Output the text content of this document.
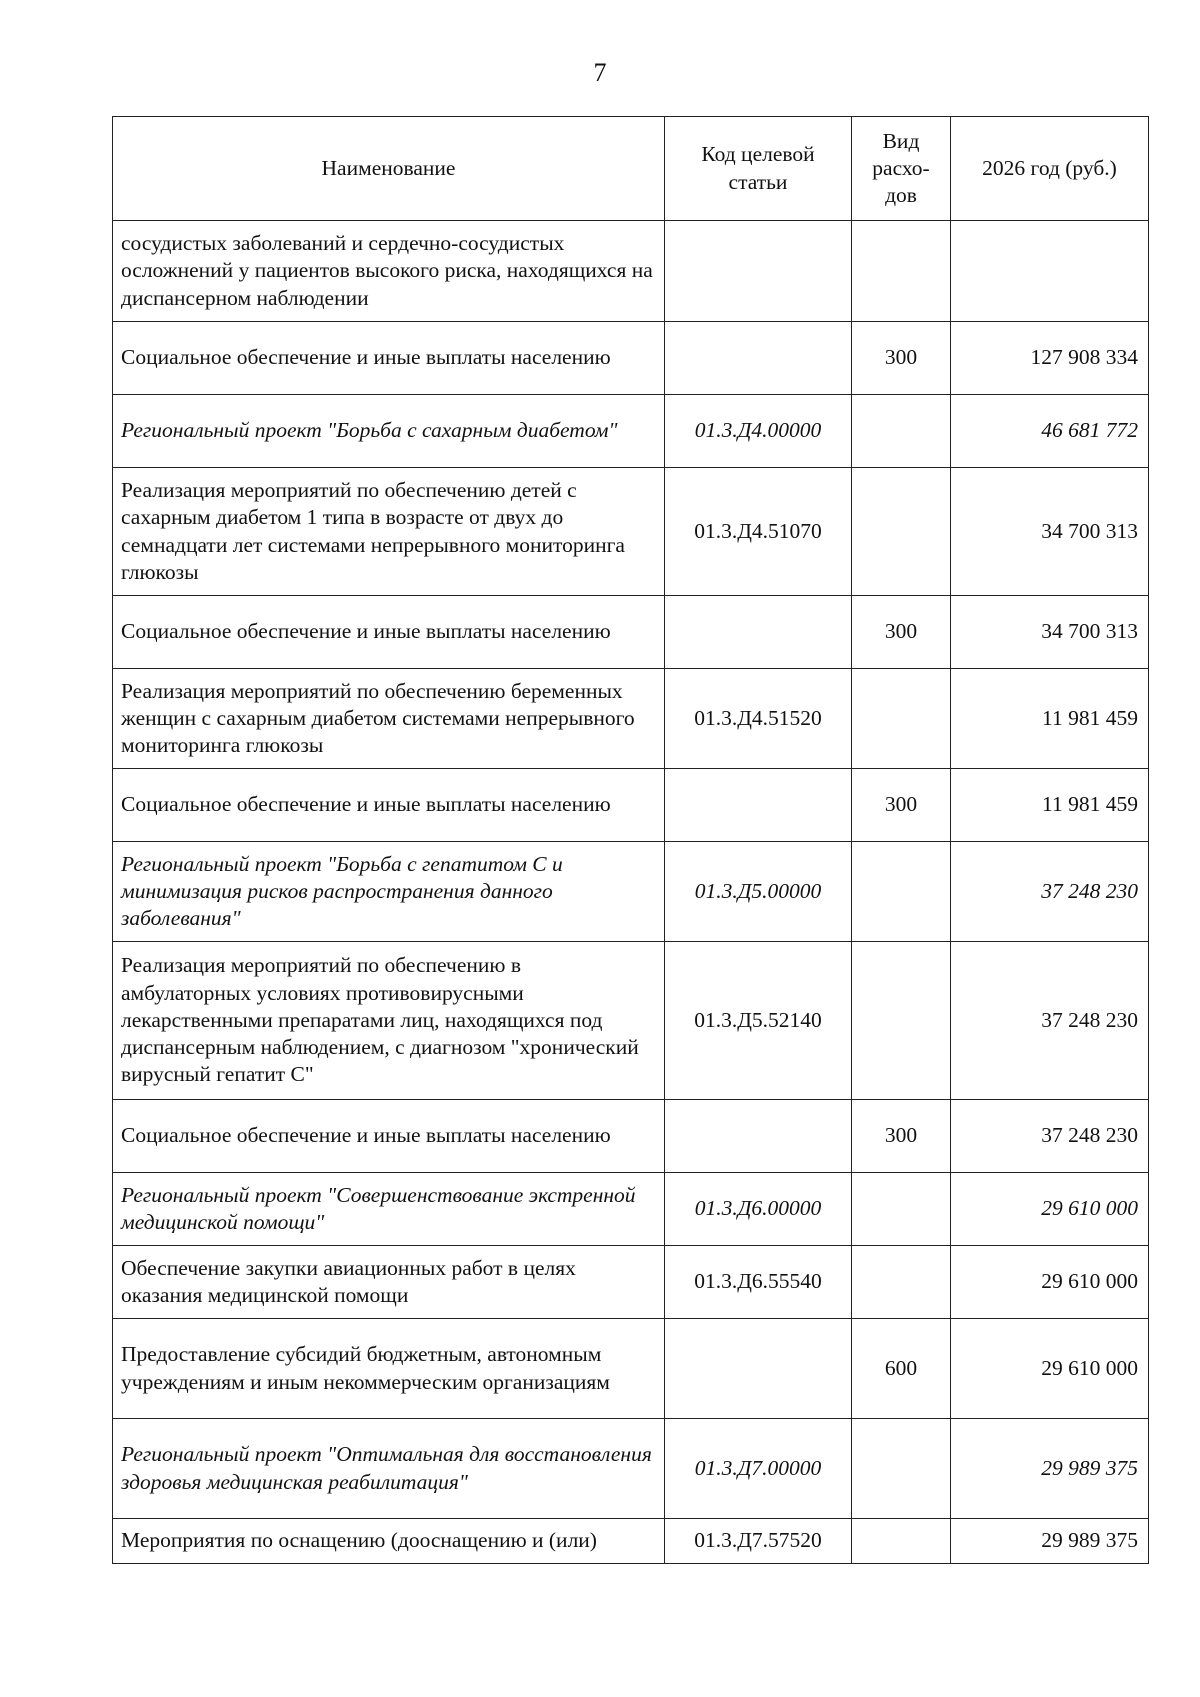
7
Наименование	Код целевой статьи	Вид расхо-дов	2026 год (руб.)
сосудистых заболеваний и сердечно-сосудистых осложнений у пациентов высокого риска, находящихся на диспансерном наблюдении			
Социальное обеспечение и иные выплаты населению		300	127 908 334
Региональный проект "Борьба с сахарным диабетом"	01.3.Д4.00000		46 681 772
Реализация мероприятий по обеспечению детей с сахарным диабетом 1 типа в возрасте от двух до семнадцати лет системами непрерывного мониторинга глюкозы	01.3.Д4.51070		34 700 313
Социальное обеспечение и иные выплаты населению		300	34 700 313
Реализация мероприятий по обеспечению беременных женщин с сахарным диабетом системами непрерывного мониторинга глюкозы	01.3.Д4.51520		11 981 459
Социальное обеспечение и иные выплаты населению		300	11 981 459
Региональный проект "Борьба с гепатитом С и минимизация рисков распространения данного заболевания"	01.3.Д5.00000		37 248 230
Реализация мероприятий по обеспечению в амбулаторных условиях противовирусными лекарственными препаратами лиц, находящихся под диспансерным наблюдением, с диагнозом "хронический вирусный гепатит С"	01.3.Д5.52140		37 248 230
Социальное обеспечение и иные выплаты населению		300	37 248 230
Региональный проект "Совершенствование экстренной медицинской помощи"	01.3.Д6.00000		29 610 000
Обеспечение закупки авиационных работ в целях оказания медицинской помощи	01.3.Д6.55540		29 610 000
Предоставление субсидий бюджетным, автономным учреждениям и иным некоммерческим организациям		600	29 610 000
Региональный проект "Оптимальная для восстановления здоровья медицинская реабилитация"	01.3.Д7.00000		29 989 375
Мероприятия по оснащению (дооснащению и (или)	01.3.Д7.57520		29 989 375
